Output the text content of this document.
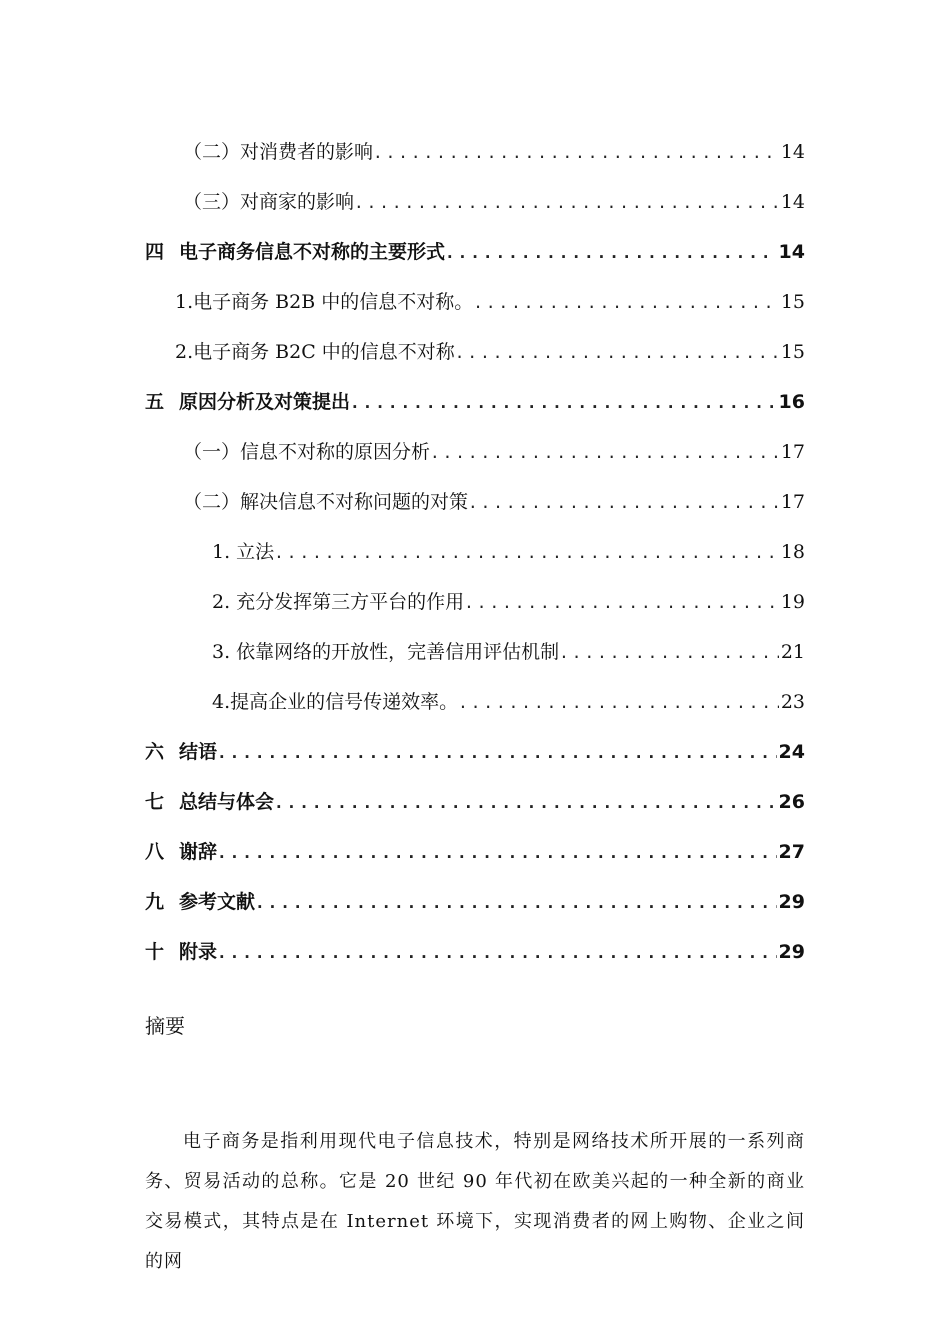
（二）对消费者的影响 .....	14
（三）对商家的影响 .....	14
四 电子商务信息不对称的主要形式 .....	14
1.电子商务 B2B 中的信息不对称。 .....	15
2.电子商务 B2C 中的信息不对称 .....	15
五 原因分析及对策提出 .....	16
（一）信息不对称的原因分析 .....	17
（二）解决信息不对称问题的对策 .....	17
1. 立法 .....	18
2. 充分发挥第三方平台的作用 .....	19
3. 依靠网络的开放性，完善信用评估机制 .....	21
4.提高企业的信号传递效率。 .....	23
六 结语 .....	24
七 总结与体会 .....	26
八 谢辞 .....	27
九 参考文献 .....	29
十 附录 .....	29
摘要

电子商务是指利用现代电子信息技术，特别是网络技术所开展的一系列商务、贸易活动的总称。它是 20 世纪 90 年代初在欧美兴起的一种全新的商业交易模式，其特点是在 Internet 环境下，实现消费者的网上购物、企业之间的网
